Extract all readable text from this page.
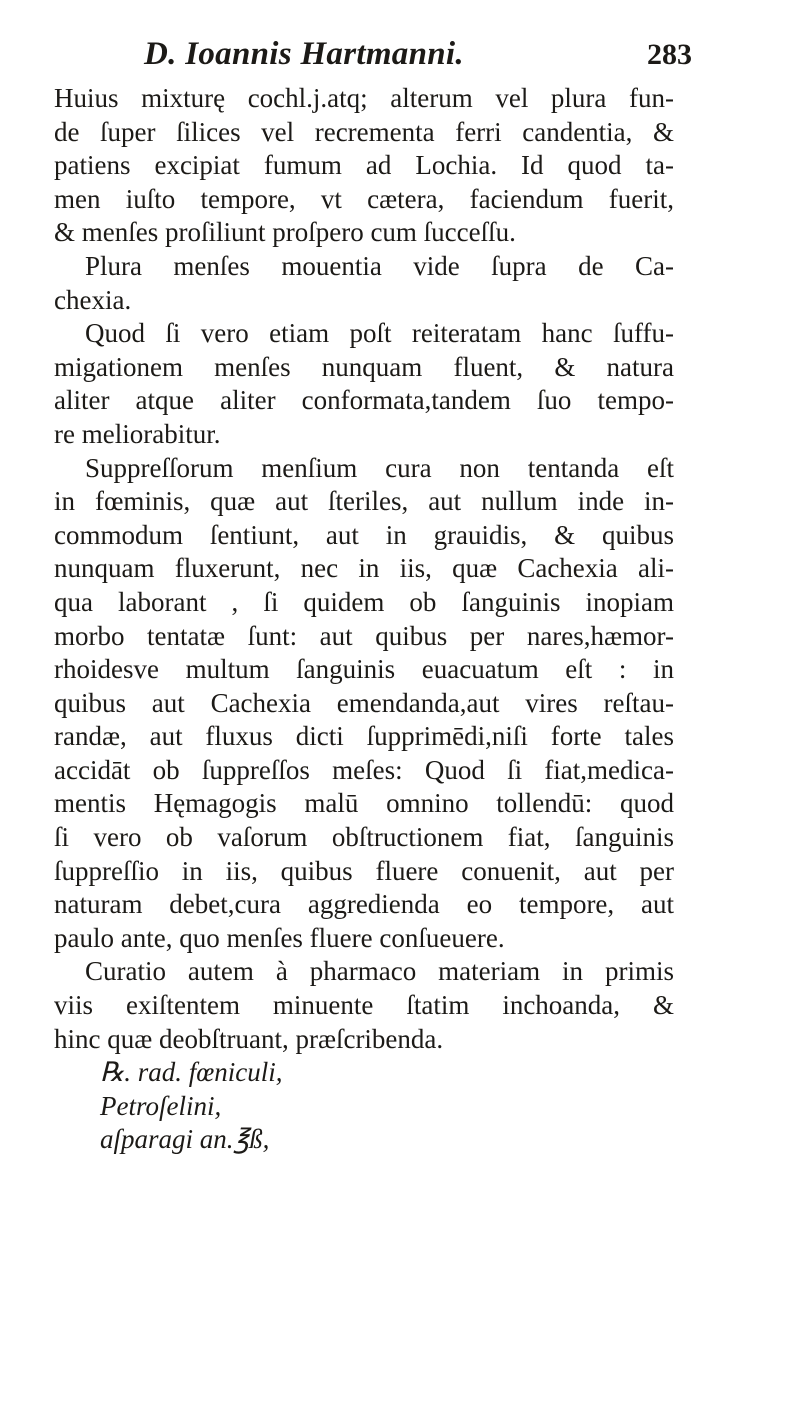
D. Ioannis Hartmanni.	283
Huius mixturę cochl.j.atq; alterum vel plura fun-
de ſuper ſilices vel recrementa ferri candentia, &
patiens excipiat fumum ad Lochia. Id quod ta-
men iuſto tempore, vt cætera, faciendum fuerit,
& menſes proſiliunt proſpero cum ſucceſſu.
Plura menſes mouentia vide ſupra de Ca-
chexia.
Quod ſi vero etiam poſt reiteratam hanc ſuffu-
migationem menſes nunquam fluent, & natura
aliter atque aliter conformata,tandem ſuo tempo-
re meliorabitur.
Suppreſſorum menſium cura non tentanda eſt
in fœminis, quæ aut ſteriles, aut nullum inde in-
commodum ſentiunt, aut in grauidis, & quibus
nunquam fluxerunt, nec in iis, quæ Cachexia ali-
qua laborant , ſi quidem ob ſanguinis inopiam
morbo tentatæ ſunt: aut quibus per nares,hæmor-
rhoidesve multum ſanguinis euacuatum eſt : in
quibus aut Cachexia emendanda,aut vires reſtau-
randæ, aut fluxus dicti ſupprimēdi,niſi forte tales
accidāt ob ſuppreſſos meſes: Quod ſi fiat,medica-
mentis Hęmagogis malū omnino tollendū: quod
ſi vero ob vaſorum obſtructionem fiat, ſanguinis
ſuppreſſio in iis, quibus fluere conuenit, aut per
naturam debet,cura aggredienda eo tempore, aut
paulo ante, quo menſes fluere conſueuere.
Curatio autem à pharmaco materiam in primis
viis exiſtentem minuente ſtatim inchoanda, &
hinc quæ deobſtruant, præſcribenda.
℞. rad. fœniculi,
Petroſelini,
aſparagi an.℥ß,
